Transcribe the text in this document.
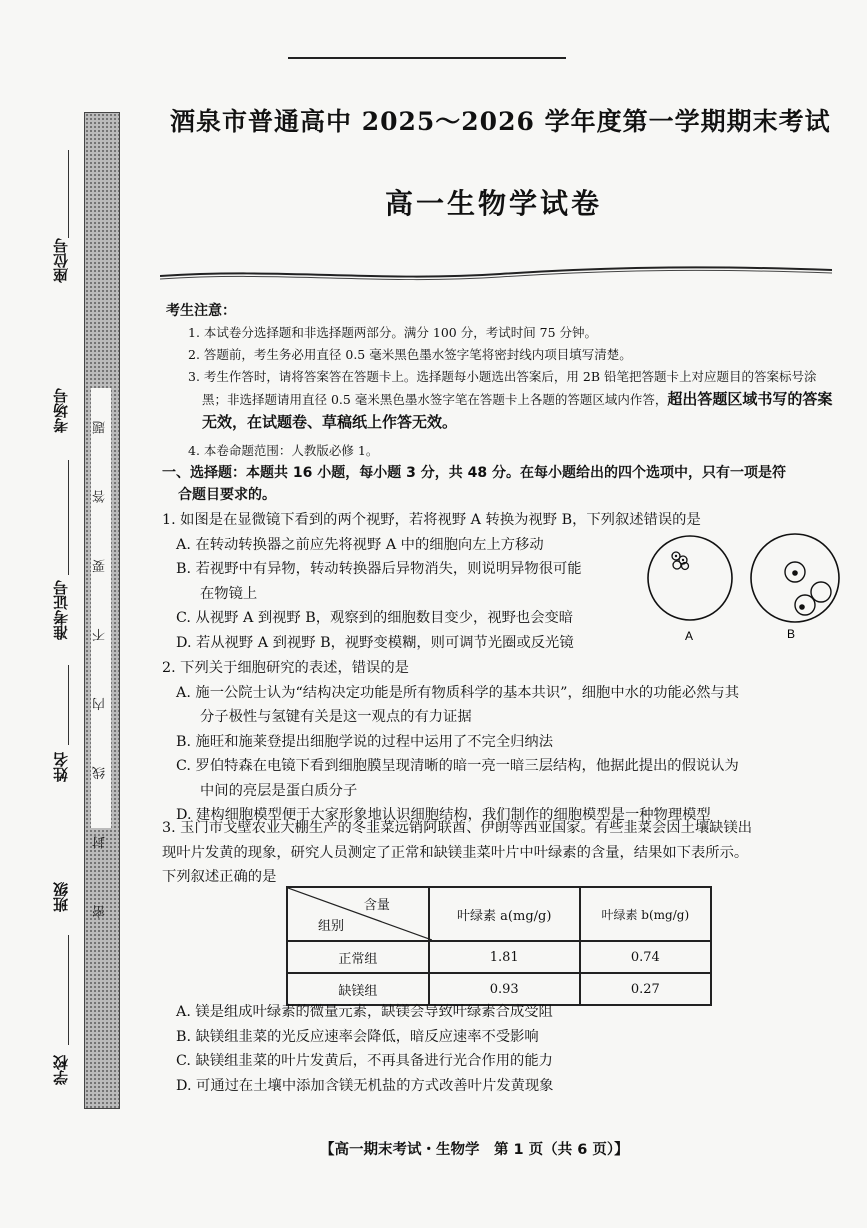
密 封 线 内 不 要 答 题
座位号
考场号
准考证号
姓名
班级
学校
酒泉市普通高中 2025～2026 学年度第一学期期末考试
高一生物学试卷

考生注意：

1. 本试卷分选择题和非选择题两部分。满分 100 分，考试时间 75 分钟。

2. 答题前，考生务必用直径 0.5 毫米黑色墨水签字笔将密封线内项目填写清楚。

3. 考生作答时，请将答案答在答题卡上。选择题每小题选出答案后，用 2B 铅笔把答题卡上对应题目的答案标号涂黑；非选择题请用直径 0.5 毫米黑色墨水签字笔在答题卡上各题的答题区域内作答，超出答题区域书写的答案无效，在试题卷、草稿纸上作答无效。

4. 本卷命题范围：人教版必修 1。

一、选择题：本题共 16 小题，每小题 3 分，共 48 分。在每小题给出的四个选项中，只有一项是符
合题目要求的。

1. 如图是在显微镜下看到的两个视野，若将视野 A 转换为视野 B，下列叙述错误的是

A. 在转动转换器之前应先将视野 A 中的细胞向左上方移动

B. 若视野中有异物，转动转换器后异物消失，则说明异物很可能

在物镜上

C. 从视野 A 到视野 B，观察到的细胞数目变少，视野也会变暗

D. 若从视野 A 到视野 B，视野变模糊，则可调节光圈或反光镜	A	B

2. 下列关于细胞研究的表述，错误的是

A. 施一公院士认为“结构决定功能是所有物质科学的基本共识”，细胞中水的功能必然与其

分子极性与氢键有关是这一观点的有力证据

B. 施旺和施莱登提出细胞学说的过程中运用了不完全归纳法

C. 罗伯特森在电镜下看到细胞膜呈现清晰的暗一亮一暗三层结构，他据此提出的假说认为

中间的亮层是蛋白质分子

D. 建构细胞模型便于大家形象地认识细胞结构，我们制作的细胞模型是一种物理模型

3. 玉门市戈壁农业大棚生产的冬韭菜远销阿联酋、伊朗等西亚国家。有些韭菜会因土壤缺镁出

现叶片发黄的现象，研究人员测定了正常和缺镁韭菜叶片中叶绿素的含量，结果如下表所示。

下列叙述正确的是

含量
组别	叶绿素 a(mg/g)	叶绿素 b(mg/g)
正常组	1.81	0.74
缺镁组	0.93	0.27

A. 镁是组成叶绿素的微量元素，缺镁会导致叶绿素合成受阻

B. 缺镁组韭菜的光反应速率会降低，暗反应速率不受影响

C. 缺镁组韭菜的叶片发黄后，不再具备进行光合作用的能力

D. 可通过在土壤中添加含镁无机盐的方式改善叶片发黄现象

【高一期末考试・生物学　第 1 页（共 6 页）】
